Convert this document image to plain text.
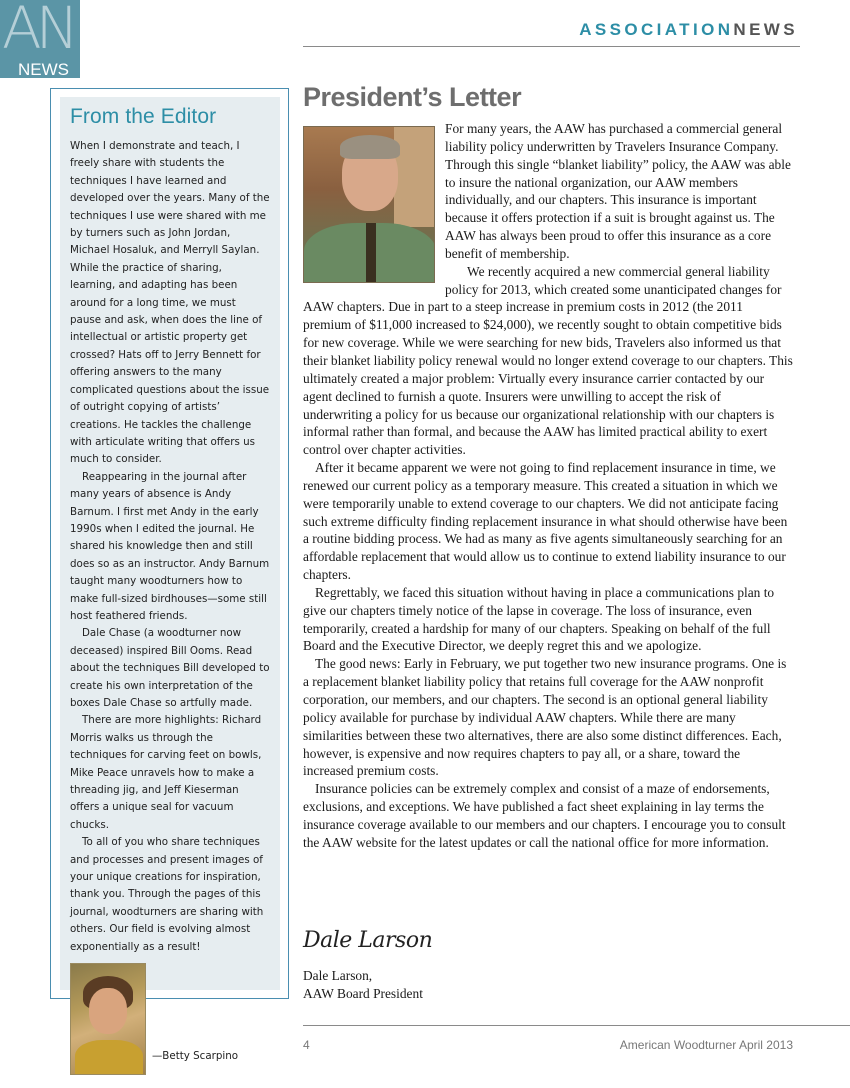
AN
NEWS
ASSOCIATIONNEWS
From the Editor

When I demonstrate and teach, I freely share with students the techniques I have learned and developed over the years. Many of the techniques I use were shared with me by turners such as John Jordan, Michael Hosaluk, and Merryll Saylan. While the practice of sharing, learning, and adapting has been around for a long time, we must pause and ask, when does the line of intellectual or artistic property get crossed? Hats off to Jerry Bennett for offering answers to the many complicated questions about the issue of outright copying of artists’ creations. He tackles the challenge with articulate writing that offers us much to consider.

Reappearing in the journal after many years of absence is Andy Barnum. I first met Andy in the early 1990s when I edited the journal. He shared his knowledge then and still does so as an instructor. Andy Barnum taught many woodturners how to make full-sized birdhouses—some still host feathered friends.

Dale Chase (a woodturner now deceased) inspired Bill Ooms. Read about the techniques Bill developed to create his own interpretation of the boxes Dale Chase so artfully made.

There are more highlights: Richard Morris walks us through the techniques for carving feet on bowls, Mike Peace unravels how to make a threading jig, and Jeff Kieserman offers a unique seal for vacuum chucks.

To all of you who share techniques and processes and present images of your unique creations for inspiration, thank you. Through the pages of this journal, woodturners are sharing with others. Our field is evolving almost exponentially as a result!

—Betty Scarpino
President’s Letter

For many years, the AAW has purchased a commercial general liability policy underwritten by Travelers Insurance Company. Through this single “blanket liability” policy, the AAW was able to insure the national organization, our AAW members individually, and our chapters. This insurance is important because it offers protection if a suit is brought against us. The AAW has always been proud to offer this insurance as a core benefit of membership.

We recently acquired a new commercial general liability policy for 2013, which created some unanticipated changes for AAW chapters. Due in part to a steep increase in premium costs in 2012 (the 2011 premium of $11,000 increased to $24,000), we recently sought to obtain competitive bids for new coverage. While we were searching for new bids, Travelers also informed us that their blanket liability policy renewal would no longer extend coverage to our chapters. This ultimately created a major problem: Virtually every insurance carrier contacted by our agent declined to furnish a quote. Insurers were unwilling to accept the risk of underwriting a policy for us because our organizational relationship with our chapters is informal rather than formal, and because the AAW has limited practical ability to exert control over chapter activities.

After it became apparent we were not going to find replacement insurance in time, we renewed our current policy as a temporary measure. This created a situation in which we were temporarily unable to extend coverage to our chapters. We did not anticipate facing such extreme difficulty finding replacement insurance in what should otherwise have been a routine bidding process. We had as many as five agents simultaneously searching for an affordable replacement that would allow us to continue to extend liability insurance to our chapters.

Regrettably, we faced this situation without having in place a communications plan to give our chapters timely notice of the lapse in coverage. The loss of insurance, even temporarily, created a hardship for many of our chapters. Speaking on behalf of the full Board and the Executive Director, we deeply regret this and we apologize.

The good news: Early in February, we put together two new insurance programs. One is a replacement blanket liability policy that retains full coverage for the AAW nonprofit corporation, our members, and our chapters. The second is an optional general liability policy available for purchase by individual AAW chapters. While there are many similarities between these two alternatives, there are also some distinct differences. Each, however, is expensive and now requires chapters to pay all, or a share, toward the increased premium costs.

Insurance policies can be extremely complex and consist of a maze of endorsements, exclusions, and exceptions. We have published a fact sheet explaining in lay terms the insurance coverage available to our members and our chapters. I encourage you to consult the AAW website for the latest updates or call the national office for more information.

Dale Larson
Dale Larson,
AAW Board President
4	American Woodturner April 2013
